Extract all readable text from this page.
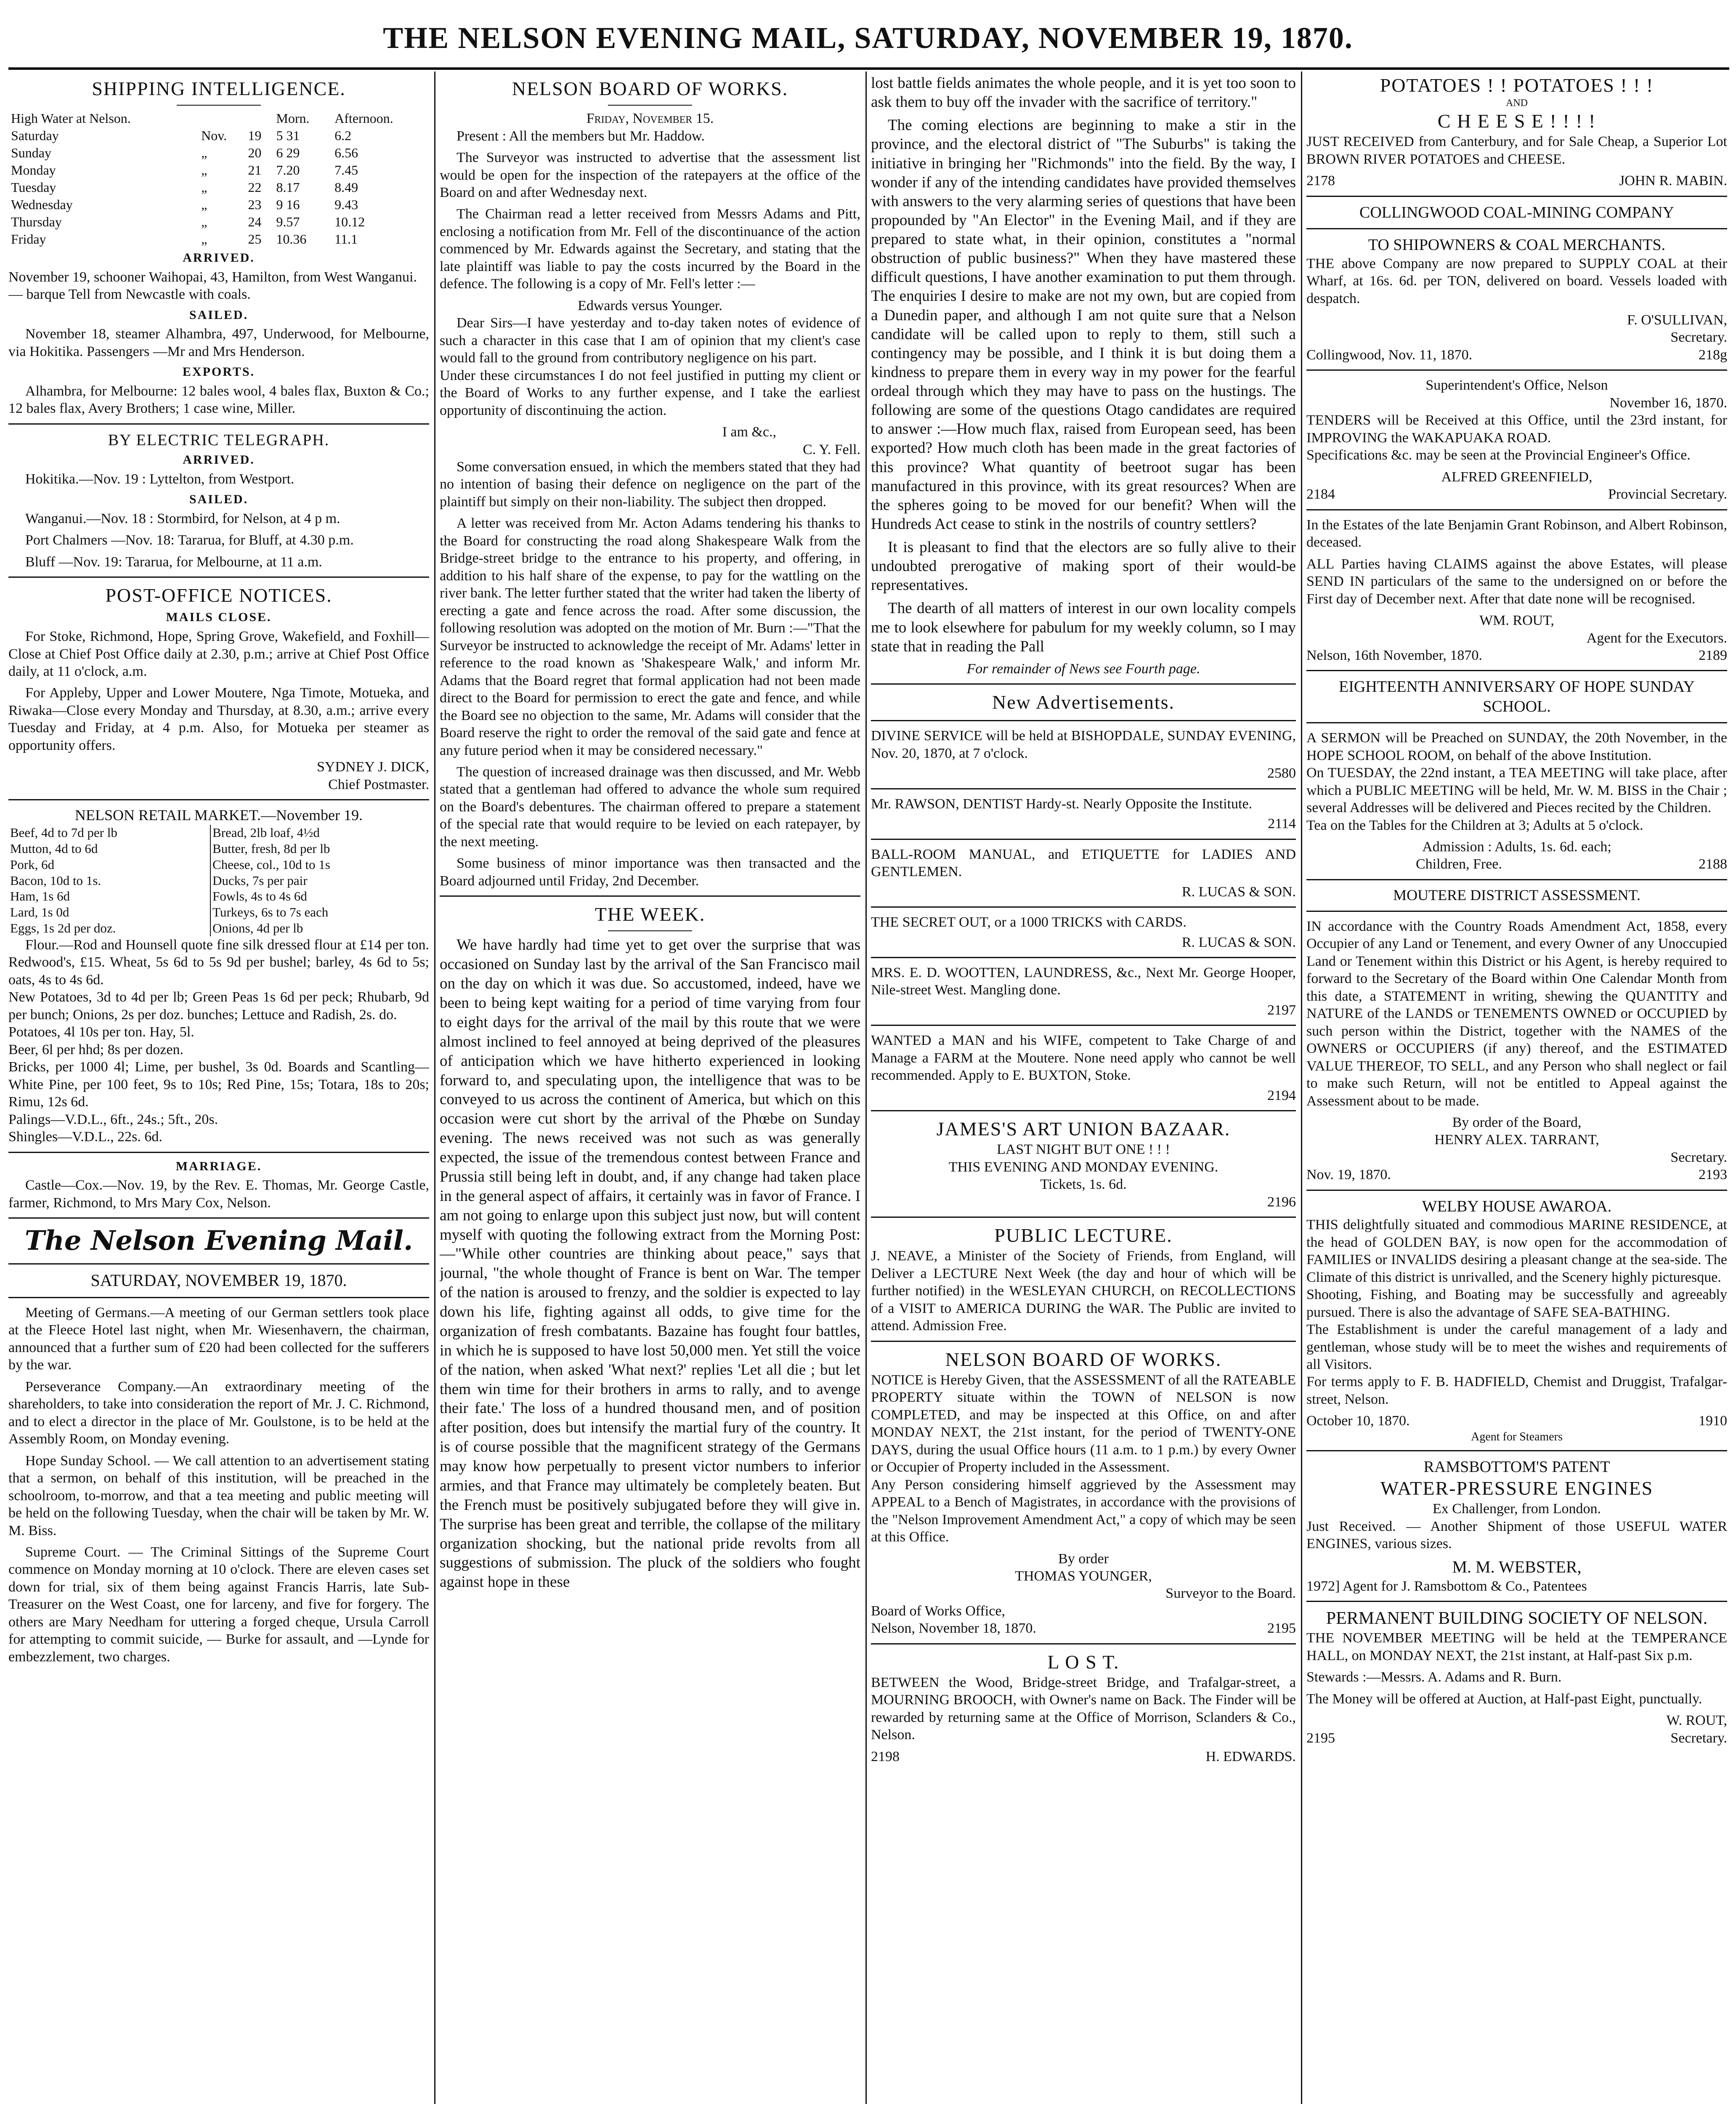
THE NELSON EVENING MAIL, SATURDAY, NOVEMBER 19, 1870.
SHIPPING INTELLIGENCE.
High Water at Nelson.			Morn.	Afternoon.
Saturday	Nov.	19	5 31	6.2
Sunday	„	20	6 29	6.56
Monday	„	21	7.20	7.45
Tuesday	„	22	8.17	8.49
Wednesday	„	23	9 16	9.43
Thursday	„	24	9.57	10.12
Friday	„	25	10.36	11.1
ARRIVED.

November 19, schooner Waihopai, 43, Hamilton, from West Wanganui.
— barque Tell from Newcastle with coals.

SAILED.

November 18, steamer Alhambra, 497, Underwood, for Melbourne, via Hokitika. Passengers —Mr and Mrs Henderson.

EXPORTS.

Alhambra, for Melbourne: 12 bales wool, 4 bales flax, Buxton & Co.; 12 bales flax, Avery Brothers; 1 case wine, Miller.

BY ELECTRIC TELEGRAPH.
ARRIVED.

Hokitika.—Nov. 19 : Lyttelton, from Westport.

SAILED.

Wanganui.—Nov. 18 : Stormbird, for Nelson, at 4 p m.

Port Chalmers —Nov. 18: Tararua, for Bluff, at 4.30 p.m.

Bluff —Nov. 19: Tararua, for Melbourne, at 11 a.m.

POST-OFFICE NOTICES.
MAILS CLOSE.

For Stoke, Richmond, Hope, Spring Grove, Wakefield, and Foxhill—Close at Chief Post Office daily at 2.30, p.m.; arrive at Chief Post Office daily, at 11 o'clock, a.m.

For Appleby, Upper and Lower Moutere, Nga Timote, Motueka, and Riwaka—Close every Monday and Thursday, at 8.30, a.m.; arrive every Tuesday and Friday, at 4 p.m. Also, for Motueka per steamer as opportunity offers.

SYDNEY J. DICK,
Chief Postmaster.
NELSON RETAIL MARKET.—November 19.
Beef, 4d to 7d per lb	Bread, 2lb loaf, 4½d
Mutton, 4d to 6d	Butter, fresh, 8d per lb
Pork, 6d	Cheese, col., 10d to 1s
Bacon, 10d to 1s.	Ducks, 7s per pair
Ham, 1s 6d	Fowls, 4s to 4s 6d
Lard, 1s 0d	Turkeys, 6s to 7s each
Eggs, 1s 2d per doz.	Onions, 4d per lb

Flour.—Rod and Hounsell quote fine silk dressed flour at £14 per ton. Redwood's, £15. Wheat, 5s 6d to 5s 9d per bushel; barley, 4s 6d to 5s; oats, 4s to 4s 6d.
New Potatoes, 3d to 4d per lb; Green Peas 1s 6d per peck; Rhubarb, 9d per bunch; Onions, 2s per doz. bunches; Lettuce and Radish, 2s. do.
Potatoes, 4l 10s per ton. Hay, 5l.
Beer, 6l per hhd; 8s per dozen.
Bricks, per 1000 4l; Lime, per bushel, 3s 0d. Boards and Scantling—White Pine, per 100 feet, 9s to 10s; Red Pine, 15s; Totara, 18s to 20s; Rimu, 12s 6d.
Palings—V.D.L., 6ft., 24s.; 5ft., 20s.
Shingles—V.D.L., 22s. 6d.

MARRIAGE.

Castle—Cox.—Nov. 19, by the Rev. E. Thomas, Mr. George Castle, farmer, Richmond, to Mrs Mary Cox, Nelson.

The Nelson Evening Mail.
SATURDAY, NOVEMBER 19, 1870.

Meeting of Germans.—A meeting of our German settlers took place at the Fleece Hotel last night, when Mr. Wiesenhavern, the chairman, announced that a further sum of £20 had been collected for the sufferers by the war.

Perseverance Company.—An extraordinary meeting of the shareholders, to take into consideration the report of Mr. J. C. Richmond, and to elect a director in the place of Mr. Goulstone, is to be held at the Assembly Room, on Monday evening.

Hope Sunday School. — We call attention to an advertisement stating that a sermon, on behalf of this institution, will be preached in the schoolroom, to-morrow, and that a tea meeting and public meeting will be held on the following Tuesday, when the chair will be taken by Mr. W. M. Biss.

Supreme Court. — The Criminal Sittings of the Supreme Court commence on Monday morning at 10 o'clock. There are eleven cases set down for trial, six of them being against Francis Harris, late Sub-Treasurer on the West Coast, one for larceny, and five for forgery. The others are Mary Needham for uttering a forged cheque, Ursula Carroll for attempting to commit suicide, — Burke for assault, and —Lynde for embezzlement, two charges.

NELSON BOARD OF WORKS.
Friday, November 15.

Present : All the members but Mr. Haddow.

The Surveyor was instructed to advertise that the assessment list would be open for the inspection of the ratepayers at the office of the Board on and after Wednesday next.

The Chairman read a letter received from Messrs Adams and Pitt, enclosing a notification from Mr. Fell of the discontinuance of the action commenced by Mr. Edwards against the Secretary, and stating that the late plaintiff was liable to pay the costs incurred by the Board in the defence. The following is a copy of Mr. Fell's letter :—

Edwards versus Younger.

Dear Sirs—I have yesterday and to-day taken notes of evidence of such a character in this case that I am of opinion that my client's case would fall to the ground from contributory negligence on his part.
Under these circumstances I do not feel justified in putting my client or the Board of Works to any further expense, and I take the earliest opportunity of discontinuing the action.

I am &c.,
C. Y. Fell.

Some conversation ensued, in which the members stated that they had no intention of basing their defence on negligence on the part of the plaintiff but simply on their non-liability. The subject then dropped.

A letter was received from Mr. Acton Adams tendering his thanks to the Board for constructing the road along Shakespeare Walk from the Bridge-street bridge to the entrance to his property, and offering, in addition to his half share of the expense, to pay for the wattling on the river bank. The letter further stated that the writer had taken the liberty of erecting a gate and fence across the road. After some discussion, the following resolution was adopted on the motion of Mr. Burn :—"That the Surveyor be instructed to acknowledge the receipt of Mr. Adams' letter in reference to the road known as 'Shakespeare Walk,' and inform Mr. Adams that the Board regret that formal application had not been made direct to the Board for permission to erect the gate and fence, and while the Board see no objection to the same, Mr. Adams will consider that the Board reserve the right to order the removal of the said gate and fence at any future period when it may be considered necessary."

The question of increased drainage was then discussed, and Mr. Webb stated that a gentleman had offered to advance the whole sum required on the Board's debentures. The chairman offered to prepare a statement of the special rate that would require to be levied on each ratepayer, by the next meeting.

Some business of minor importance was then transacted and the Board adjourned until Friday, 2nd December.

THE WEEK.

We have hardly had time yet to get over the surprise that was occasioned on Sunday last by the arrival of the San Francisco mail on the day on which it was due. So accustomed, indeed, have we been to being kept waiting for a period of time varying from four to eight days for the arrival of the mail by this route that we were almost inclined to feel annoyed at being deprived of the pleasures of anticipation which we have hitherto experienced in looking forward to, and speculating upon, the intelligence that was to be conveyed to us across the continent of America, but which on this occasion were cut short by the arrival of the Phœbe on Sunday evening. The news received was not such as was generally expected, the issue of the tremendous contest between France and Prussia still being left in doubt, and, if any change had taken place in the general aspect of affairs, it certainly was in favor of France. I am not going to enlarge upon this subject just now, but will content myself with quoting the following extract from the Morning Post:—"While other countries are thinking about peace," says that journal, "the whole thought of France is bent on War. The temper of the nation is aroused to frenzy, and the soldier is expected to lay down his life, fighting against all odds, to give time for the organization of fresh combatants. Bazaine has fought four battles, in which he is supposed to have lost 50,000 men. Yet still the voice of the nation, when asked 'What next?' replies 'Let all die ; but let them win time for their brothers in arms to rally, and to avenge their fate.' The loss of a hundred thousand men, and of position after position, does but intensify the martial fury of the country. It is of course possible that the magnificent strategy of the Germans may know how perpetually to present victor numbers to inferior armies, and that France may ultimately be completely beaten. But the French must be positively subjugated before they will give in. The surprise has been great and terrible, the collapse of the military organization shocking, but the national pride revolts from all suggestions of submission. The pluck of the soldiers who fought against hope in these

lost battle fields animates the whole people, and it is yet too soon to ask them to buy off the invader with the sacrifice of territory."

The coming elections are beginning to make a stir in the province, and the electoral district of "The Suburbs" is taking the initiative in bringing her "Richmonds" into the field. By the way, I wonder if any of the intending candidates have provided themselves with answers to the very alarming series of questions that have been propounded by "An Elector" in the Evening Mail, and if they are prepared to state what, in their opinion, constitutes a "normal obstruction of public business?" When they have mastered these difficult questions, I have another examination to put them through. The enquiries I desire to make are not my own, but are copied from a Dunedin paper, and although I am not quite sure that a Nelson candidate will be called upon to reply to them, still such a contingency may be possible, and I think it is but doing them a kindness to prepare them in every way in my power for the fearful ordeal through which they may have to pass on the hustings. The following are some of the questions Otago candidates are required to answer :—How much flax, raised from European seed, has been exported? How much cloth has been made in the great factories of this province? What quantity of beetroot sugar has been manufactured in this province, with its great resources? When are the spheres going to be moved for our benefit? When will the Hundreds Act cease to stink in the nostrils of country settlers?

It is pleasant to find that the electors are so fully alive to their undoubted prerogative of making sport of their would-be representatives.

The dearth of all matters of interest in our own locality compels me to look elsewhere for pabulum for my weekly column, so I may state that in reading the Pall

For remainder of News see Fourth page.
New Advertisements.

DIVINE SERVICE will be held at BISHOPDALE, SUNDAY EVENING, Nov. 20, 1870, at 7 o'clock.

2580

Mr. RAWSON, DENTIST Hardy-st. Nearly Opposite the Institute.

2114

BALL-ROOM MANUAL, and ETIQUETTE for LADIES AND GENTLEMEN.

R. LUCAS & SON.

THE SECRET OUT, or a 1000 TRICKS with CARDS.

R. LUCAS & SON.

MRS. E. D. WOOTTEN, LAUNDRESS, &c., Next Mr. George Hooper, Nile-street West. Mangling done.

2197

WANTED a MAN and his WIFE, competent to Take Charge of and Manage a FARM at the Moutere. None need apply who cannot be well recommended. Apply to E. BUXTON, Stoke.

2194
JAMES'S ART UNION BAZAAR.
LAST NIGHT BUT ONE ! ! !
THIS EVENING AND MONDAY EVENING.
Tickets, 1s. 6d.
2196
PUBLIC LECTURE.

J. NEAVE, a Minister of the Society of Friends, from England, will Deliver a LECTURE Next Week (the day and hour of which will be further notified) in the WESLEYAN CHURCH, on RECOLLECTIONS of a VISIT to AMERICA DURING the WAR. The Public are invited to attend. Admission Free.

NELSON BOARD OF WORKS.

NOTICE is Hereby Given, that the ASSESSMENT of all the RATEABLE PROPERTY situate within the TOWN of NELSON is now COMPLETED, and may be inspected at this Office, on and after MONDAY NEXT, the 21st instant, for the period of TWENTY-ONE DAYS, during the usual Office hours (11 a.m. to 1 p.m.) by every Owner or Occupier of Property included in the Assessment.
Any Person considering himself aggrieved by the Assessment may APPEAL to a Bench of Magistrates, in accordance with the provisions of the "Nelson Improvement Amendment Act," a copy of which may be seen at this Office.

By order
THOMAS YOUNGER,
Surveyor to the Board.
Board of Works Office,
Nelson, November 18, 1870.	2195
L O S T.

BETWEEN the Wood, Bridge-street Bridge, and Trafalgar-street, a MOURNING BROOCH, with Owner's name on Back. The Finder will be rewarded by returning same at the Office of Morrison, Sclanders & Co., Nelson.

2198	H. EDWARDS.
POTATOES ! ! POTATOES ! ! !
AND
C H E E S E ! ! ! !

JUST RECEIVED from Canterbury, and for Sale Cheap, a Superior Lot BROWN RIVER POTATOES and CHEESE.

2178	JOHN R. MABIN.
COLLINGWOOD COAL-MINING COMPANY
TO SHIPOWNERS & COAL MERCHANTS.

THE above Company are now prepared to SUPPLY COAL at their Wharf, at 16s. 6d. per TON, delivered on board. Vessels loaded with despatch.

F. O'SULLIVAN,
Secretary.
Collingwood, Nov. 11, 1870.	218g
Superintendent's Office, Nelson
November 16, 1870.

TENDERS will be Received at this Office, until the 23rd instant, for IMPROVING the WAKAPUAKA ROAD.
Specifications &c. may be seen at the Provincial Engineer's Office.

ALFRED GREENFIELD,
2184	Provincial Secretary.

In the Estates of the late Benjamin Grant Robinson, and Albert Robinson, deceased.

ALL Parties having CLAIMS against the above Estates, will please SEND IN particulars of the same to the undersigned on or before the First day of December next. After that date none will be recognised.

WM. ROUT,
Agent for the Executors.
Nelson, 16th November, 1870.	2189
EIGHTEENTH ANNIVERSARY OF HOPE SUNDAY SCHOOL.

A SERMON will be Preached on SUNDAY, the 20th November, in the HOPE SCHOOL ROOM, on behalf of the above Institution.
On TUESDAY, the 22nd instant, a TEA MEETING will take place, after which a PUBLIC MEETING will be held, Mr. W. M. BISS in the Chair ; several Addresses will be delivered and Pieces recited by the Children.
Tea on the Tables for the Children at 3; Adults at 5 o'clock.

Admission : Adults, 1s. 6d. each;
Children, Free.	2188
MOUTERE DISTRICT ASSESSMENT.

IN accordance with the Country Roads Amendment Act, 1858, every Occupier of any Land or Tenement, and every Owner of any Unoccupied Land or Tenement within this District or his Agent, is hereby required to forward to the Secretary of the Board within One Calendar Month from this date, a STATEMENT in writing, shewing the QUANTITY and NATURE of the LANDS or TENEMENTS OWNED or OCCUPIED by such person within the District, together with the NAMES of the OWNERS or OCCUPIERS (if any) thereof, and the ESTIMATED VALUE THEREOF, TO SELL, and any Person who shall neglect or fail to make such Return, will not be entitled to Appeal against the Assessment about to be made.

By order of the Board,
HENRY ALEX. TARRANT,
Secretary.
Nov. 19, 1870.	2193
WELBY HOUSE AWAROA.

THIS delightfully situated and commodious MARINE RESIDENCE, at the head of GOLDEN BAY, is now open for the accommodation of FAMILIES or INVALIDS desiring a pleasant change at the sea-side. The Climate of this district is unrivalled, and the Scenery highly picturesque.
Shooting, Fishing, and Boating may be successfully and agreeably pursued. There is also the advantage of SAFE SEA-BATHING.
The Establishment is under the careful management of a lady and gentleman, whose study will be to meet the wishes and requirements of all Visitors.
For terms apply to F. B. HADFIELD, Chemist and Druggist, Trafalgar-street, Nelson.

October 10, 1870.	1910
Agent for Steamers
RAMSBOTTOM'S PATENT
WATER-PRESSURE ENGINES
Ex Challenger, from London.

Just Received. — Another Shipment of those USEFUL WATER ENGINES, various sizes.

M. M. WEBSTER,
1972] Agent for J. Ramsbottom & Co., Patentees
PERMANENT BUILDING SOCIETY OF NELSON.

THE NOVEMBER MEETING will be held at the TEMPERANCE HALL, on MONDAY NEXT, the 21st instant, at Half-past Six p.m.

Stewards :—Messrs. A. Adams and R. Burn.

The Money will be offered at Auction, at Half-past Eight, punctually.

W. ROUT,
2195	Secretary.
